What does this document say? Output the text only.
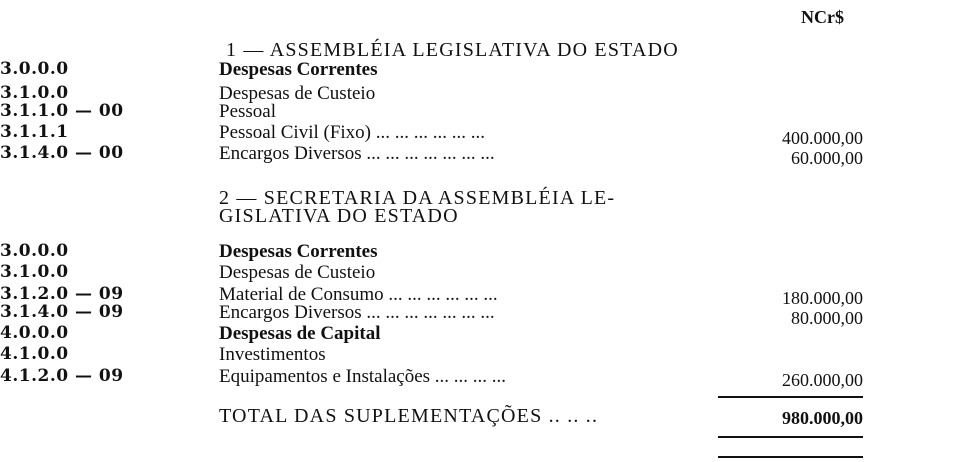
NCr$
1 — ASSEMBLÉIA LEGISLATIVA DO ESTADO
3.0.0.0	Despesas Correntes
3.1.0.0	Despesas de Custeio
3.1.1.0 — 00	Pessoal
3.1.1.1	Pessoal Civil (Fixo) ... ... ... ... ... ...	400.000,00
3.1.4.0 — 00	Encargos Diversos ... ... ... ... ... ... ...	60.000,00
2 — SECRETARIA DA ASSEMBLÉIA LE-
GISLATIVA DO ESTADO
3.0.0.0	Despesas Correntes
3.1.0.0	Despesas de Custeio
3.1.2.0 — 09	Material de Consumo ... ... ... ... ... ...	180.000,00
3.1.4.0 — 09	Encargos Diversos ... ... ... ... ... ... ...	80.000,00
4.0.0.0	Despesas de Capital
4.1.0.0	Investimentos
4.1.2.0 — 09	Equipamentos e Instalações ... ... ... ...	260.000,00
TOTAL DAS SUPLEMENTAÇÕES .. .. ..	980.000,00
